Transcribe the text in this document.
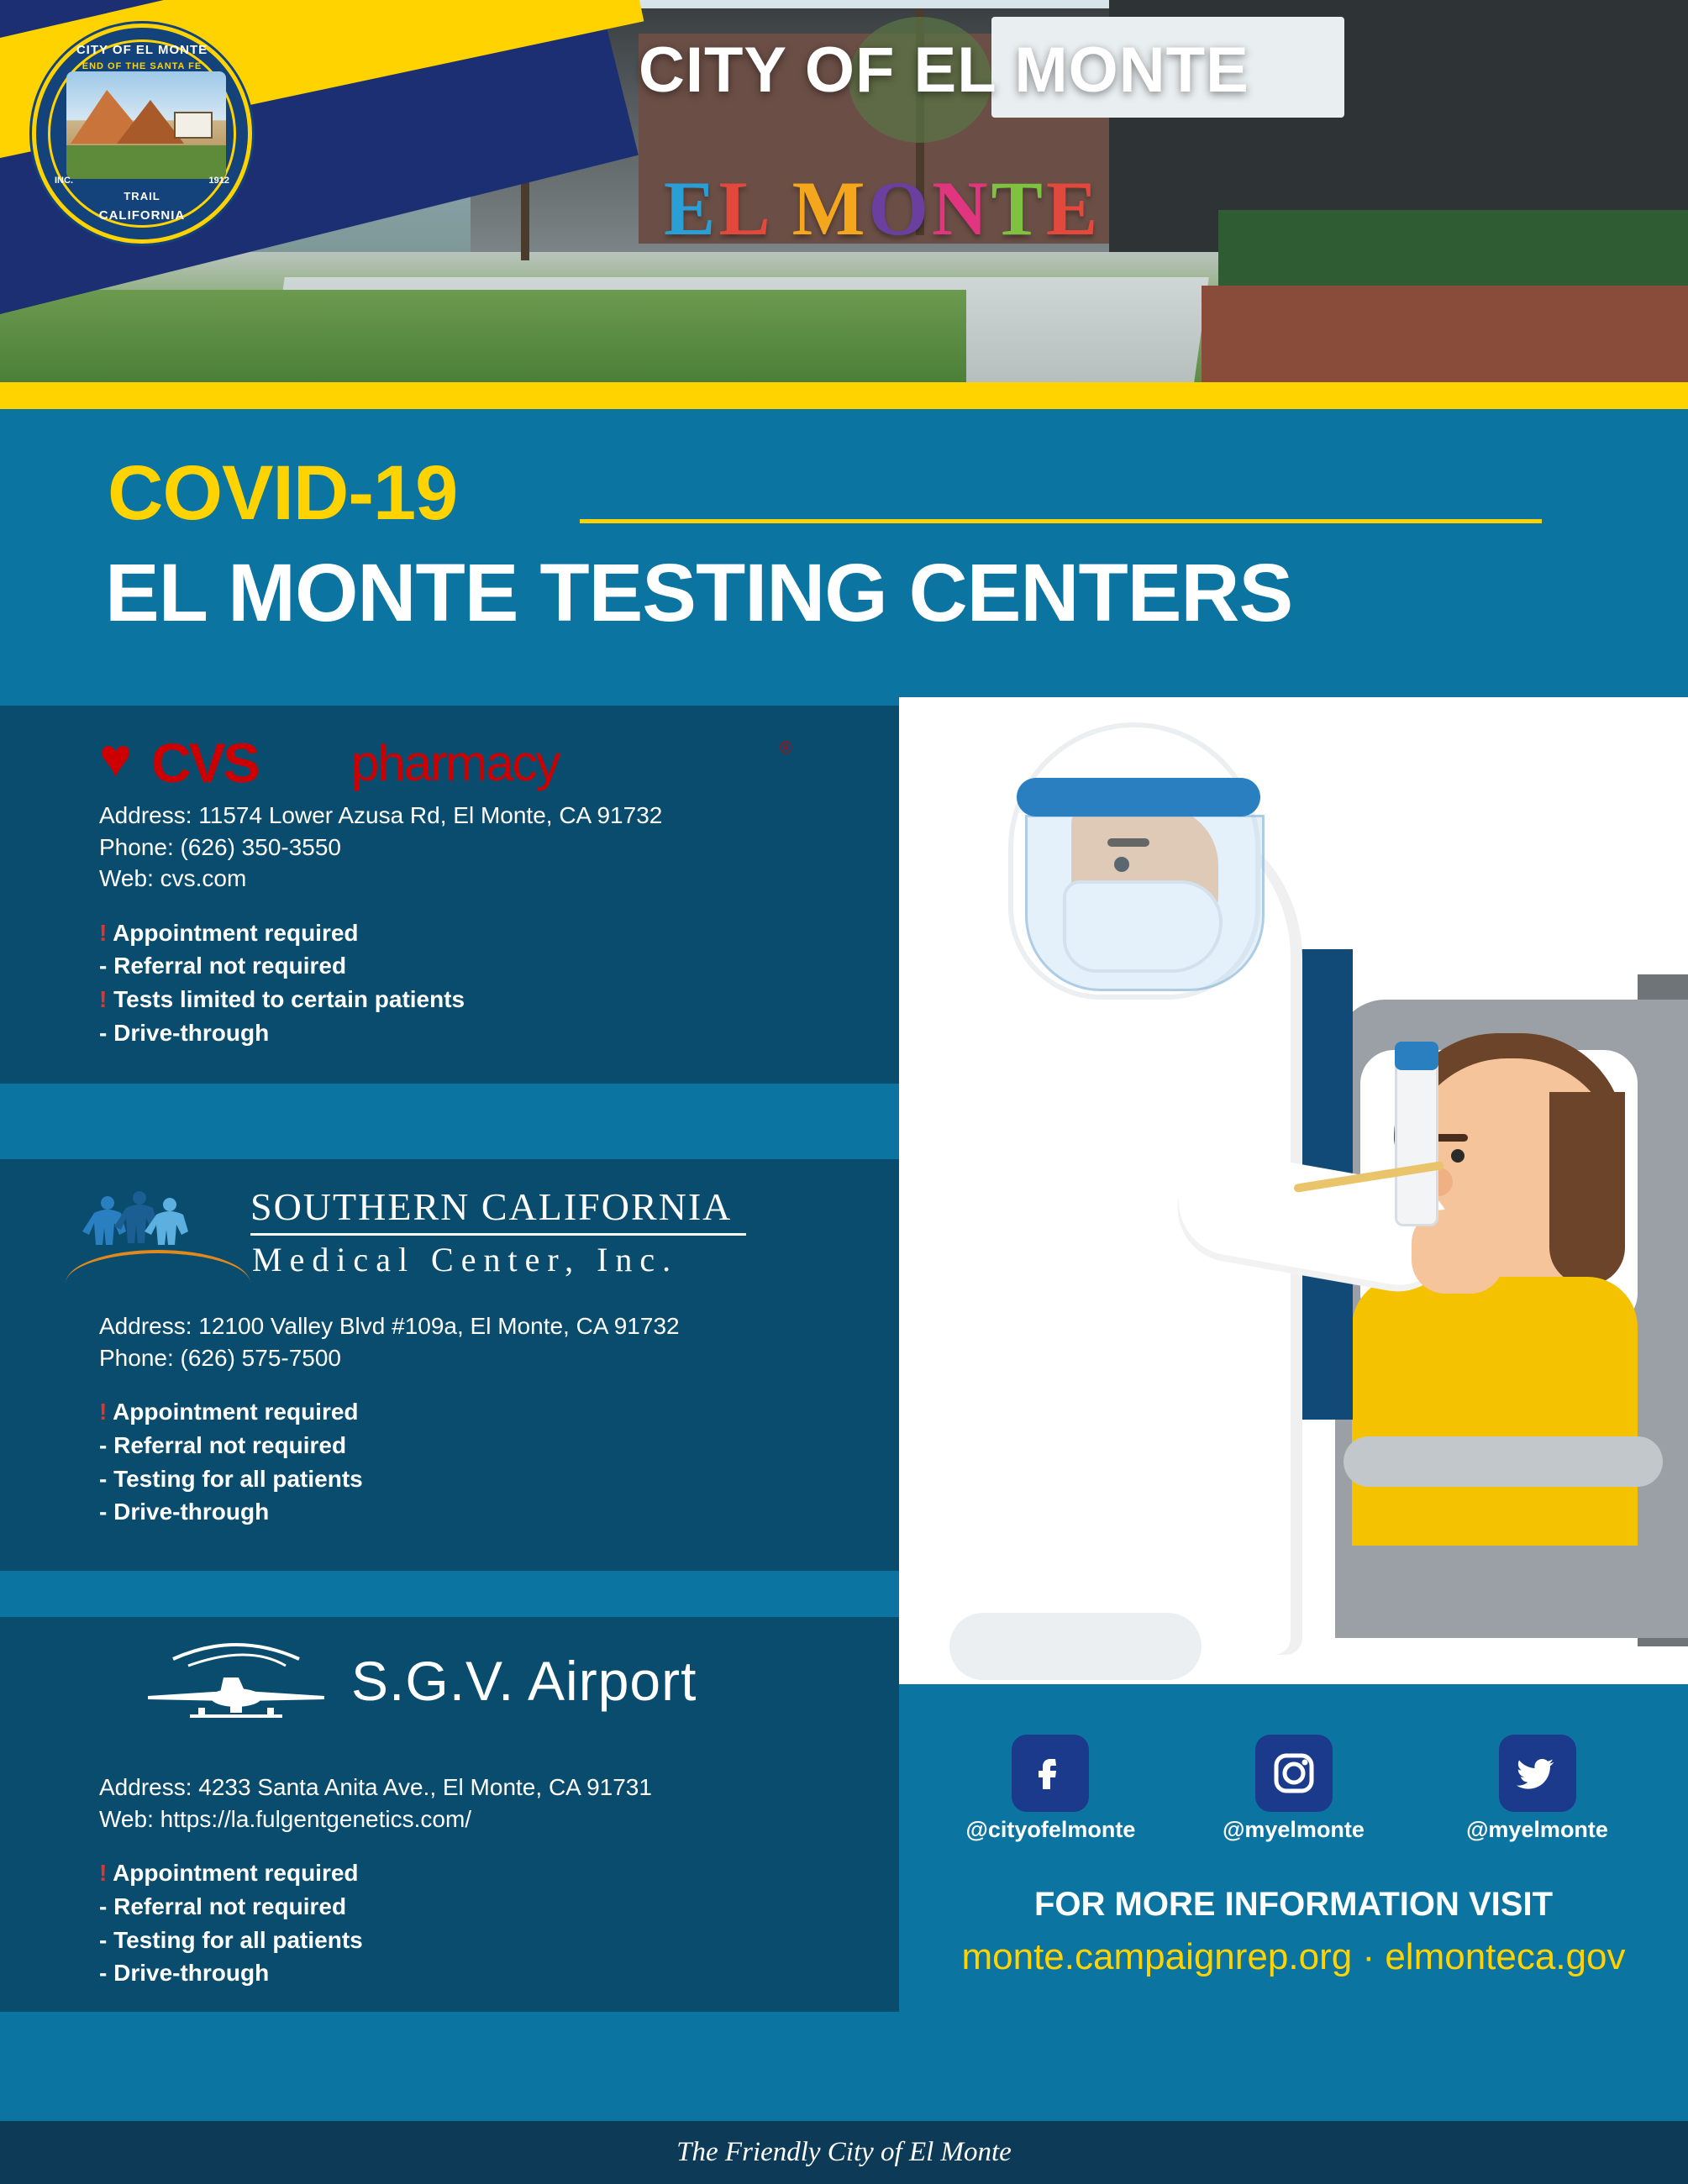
CITY OF EL MONTE
END OF THE SANTA FE
INC.	1912
TRAIL
CALIFORNIA
CITY OF EL MONTE
EL MONTE
COVID-19
EL MONTE TESTING CENTERS
♥ CVS pharmacy	®
Address: 11574 Lower Azusa Rd, El Monte, CA 91732
Phone: (626) 350-3550
Web: cvs.com
! Appointment required
- Referral not required
! Tests limited to certain patients
- Drive-through
SOUTHERN CALIFORNIA
Medical Center, Inc.
Address: 12100 Valley Blvd #109a, El Monte, CA 91732
Phone: (626) 575-7500
! Appointment required
- Referral not required
- Testing for all patients
- Drive-through
S.G.V. Airport
Address: 4233 Santa Anita Ave., El Monte, CA 91731
Web: https://la.fulgentgenetics.com/
! Appointment required
- Referral not required
- Testing for all patients
- Drive-through
@cityofelmonte	@myelmonte	@myelmonte
FOR MORE INFORMATION VISIT
monte.campaignrep.org · elmonteca.gov
The Friendly City of El Monte
